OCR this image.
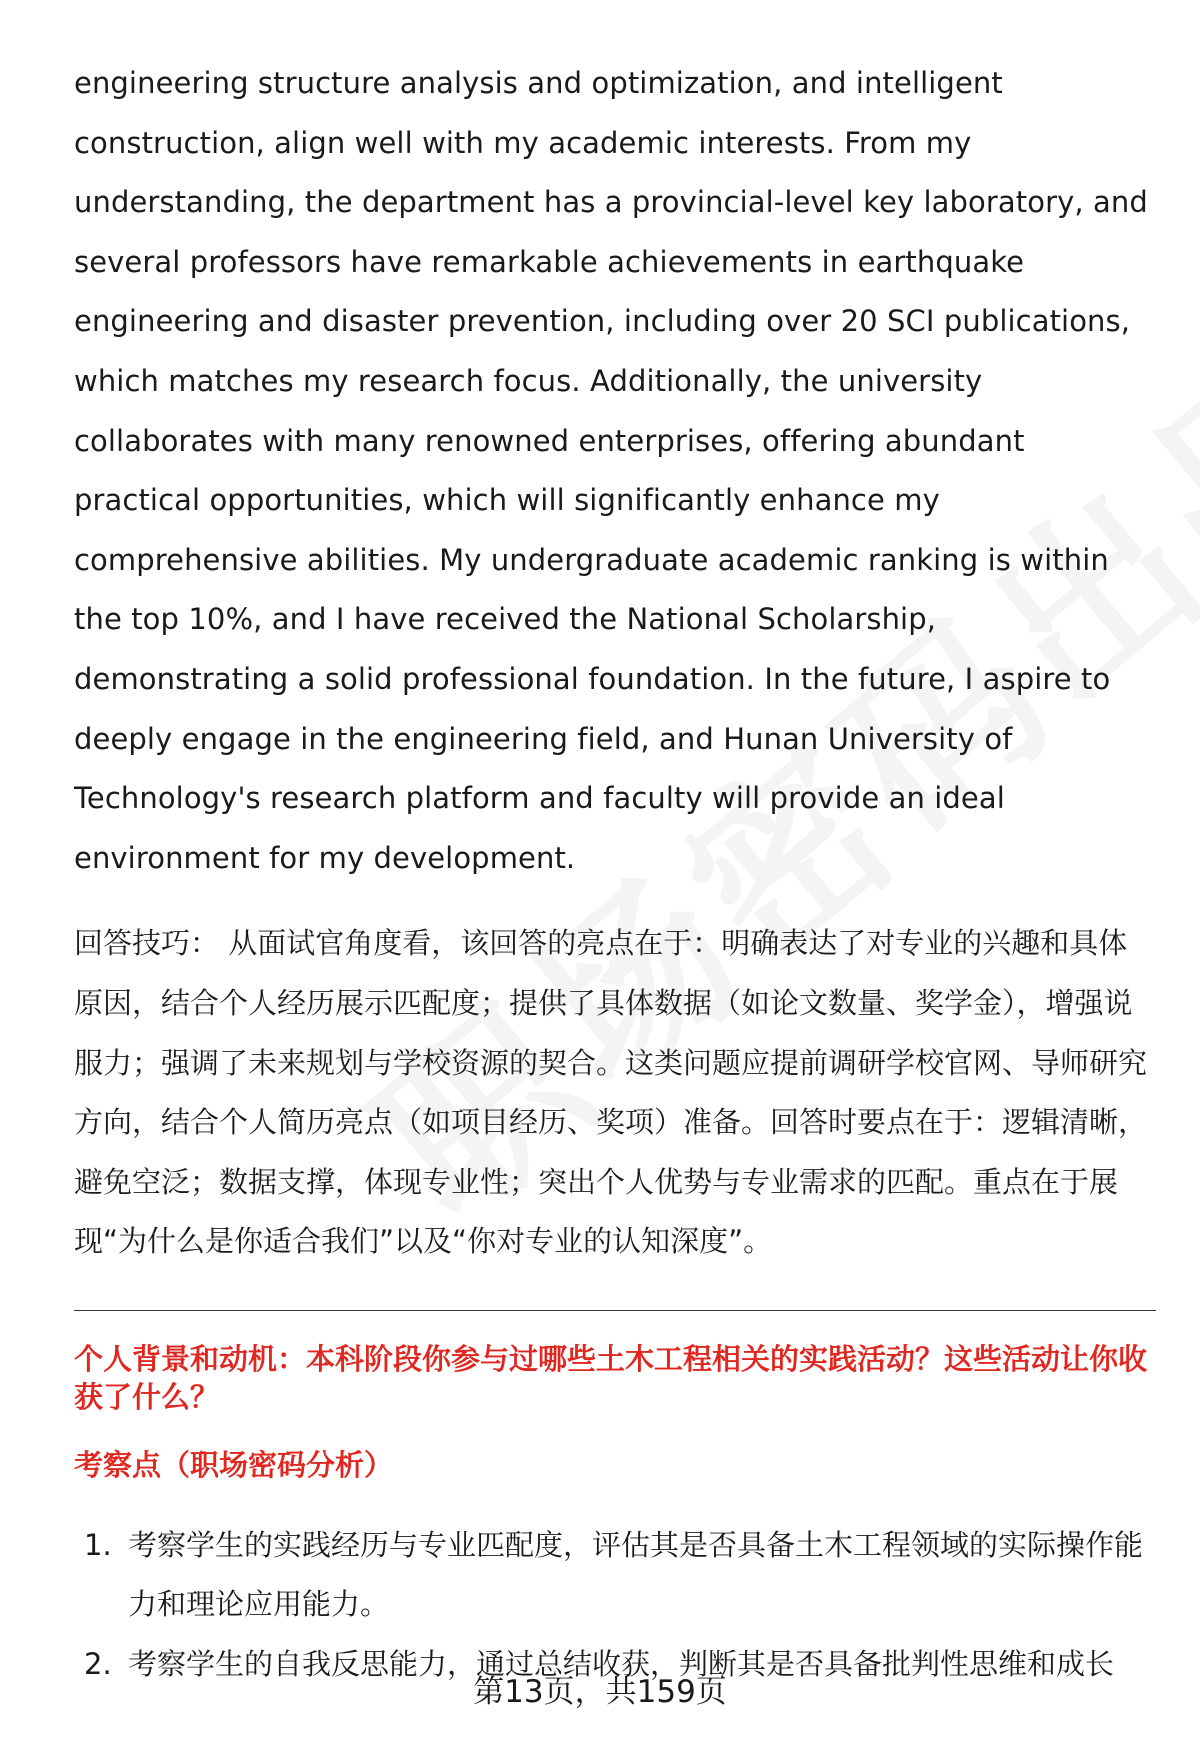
engineering structure analysis and optimization, and intelligent construction, align well with my academic interests. From my understanding, the department has a provincial-level key laboratory, and several professors have remarkable achievements in earthquake engineering and disaster prevention, including over 20 SCI publications, which matches my research focus. Additionally, the university collaborates with many renowned enterprises, offering abundant practical opportunities, which will significantly enhance my comprehensive abilities. My undergraduate academic ranking is within the top 10%, and I have received the National Scholarship, demonstrating a solid professional foundation. In the future, I aspire to deeply engage in the engineering field, and Hunan University of Technology's research platform and faculty will provide an ideal environment for my development.

回答技巧： 从面试官角度看，该回答的亮点在于：明确表达了对专业的兴趣和具体原因，结合个人经历展示匹配度；提供了具体数据（如论文数量、奖学金），增强说服力；强调了未来规划与学校资源的契合。这类问题应提前调研学校官网、导师研究方向，结合个人简历亮点（如项目经历、奖项）准备。回答时要点在于：逻辑清晰，避免空泛；数据支撑，体现专业性；突出个人优势与专业需求的匹配。重点在于展现“为什么是你适合我们”以及“你对专业的认知深度”。

个人背景和动机：本科阶段你参与过哪些土木工程相关的实践活动？这些活动让你收获了什么？
考察点（职场密码分析）
1. 考察学生的实践经历与专业匹配度，评估其是否具备土木工程领域的实际操作能力和理论应用能力。
2. 考察学生的自我反思能力，通过总结收获，判断其是否具备批判性思维和成长
第13页，共159页
